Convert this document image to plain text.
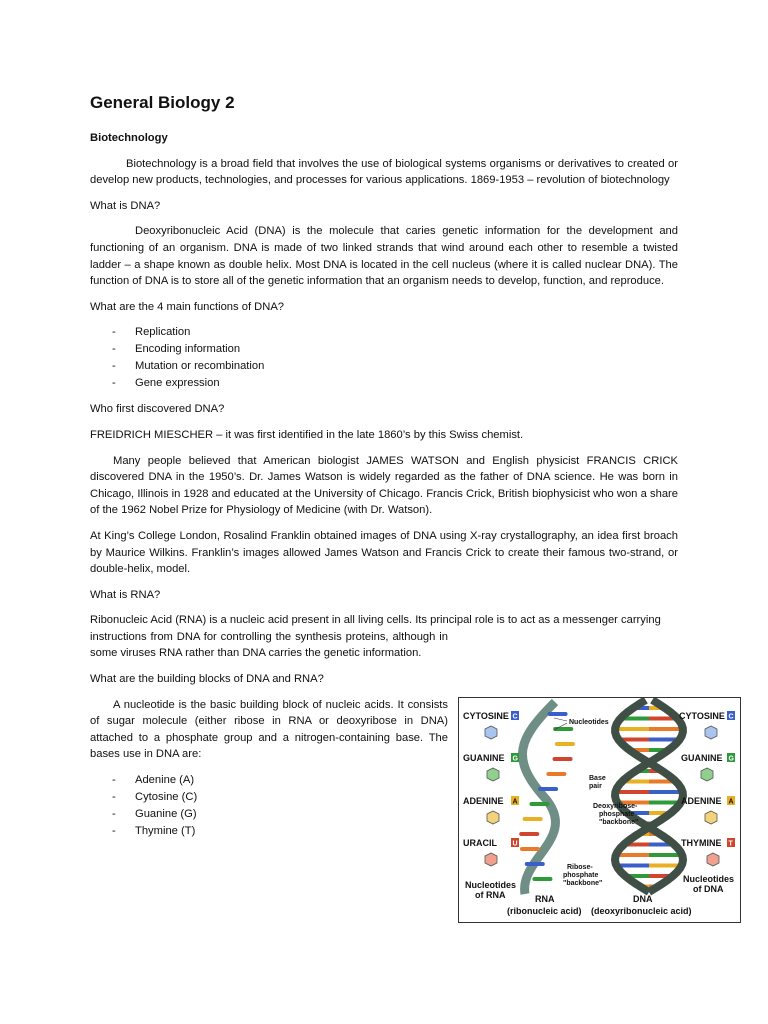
General Biology 2
Biotechnology

Biotechnology is a broad field that involves the use of biological systems organisms or derivatives to created or develop new products, technologies, and processes for various applications. 1869-1953 – revolution of biotechnology

What is DNA?

Deoxyribonucleic Acid (DNA) is the molecule that caries genetic information for the development and functioning of an organism. DNA is made of two linked strands that wind around each other to resemble a twisted ladder – a shape known as double helix. Most DNA is located in the cell nucleus (where it is called nuclear DNA). The function of DNA is to store all of the genetic information that an organism needs to develop, function, and reproduce.

What are the 4 main functions of DNA?

- Replication
- Encoding information
- Mutation or recombination
- Gene expression

Who first discovered DNA?

FREIDRICH MIESCHER – it was first identified in the late 1860’s by this Swiss chemist.

Many people believed that American biologist JAMES WATSON and English physicist FRANCIS CRICK discovered DNA in the 1950’s. Dr. James Watson is widely regarded as the father of DNA science. He was born in Chicago, Illinois in 1928 and educated at the University of Chicago. Francis Crick, British biophysicist who won a share of the 1962 Nobel Prize for Physiology of Medicine (with Dr. Watson).

At King’s College London, Rosalind Franklin obtained images of DNA using X-ray crystallography, an idea first broach by Maurice Wilkins. Franklin’s images allowed James Watson and Francis Crick to create their famous two-strand, or double-helix, model.

What is RNA?

Ribonucleic Acid (RNA) is a nucleic acid present in all living cells. Its principal role is to act as a messenger carrying

instructions from DNA for controlling the synthesis proteins, although in some viruses RNA rather than DNA carries the genetic information.

What are the building blocks of DNA and RNA?

A nucleotide is the basic building block of nucleic acids. It consists of sugar molecule (either ribose in RNA or deoxyribose in DNA) attached to a phosphate group and a nitrogen-containing base. The bases use in DNA are:

- Adenine (A)
- Cytosine (C)
- Guanine (G)
- Thymine (T)
CYTOSINE C
GUANINE G
ADENINE A
URACIL U
CYTOSINE C
GUANINE G
ADENINE A
THYMINE T
Nucleotides
Base
pair
Deoxyribose-
phosphate
"backbone"
Ribose-
phosphate
"backbone"
Nucleotides
of RNA
Nucleotides
of DNA
RNA	DNA
(ribonucleic acid) (deoxyribonucleic acid)
